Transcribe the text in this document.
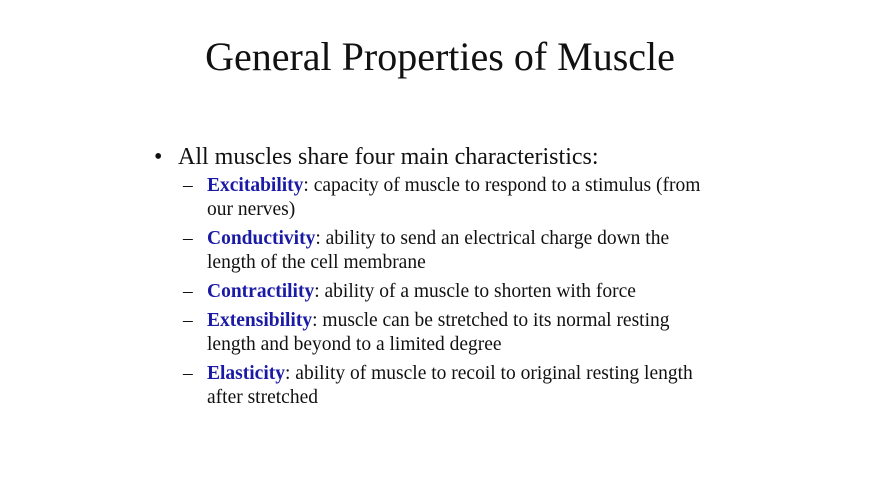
General Properties of Muscle
• All muscles share four main characteristics:
– Excitability: capacity of muscle to respond to a stimulus (from our nerves)
– Conductivity: ability to send an electrical charge down the length of the cell membrane
– Contractility: ability of a muscle to shorten with force
– Extensibility: muscle can be stretched to its normal resting length and beyond to a limited degree
– Elasticity: ability of muscle to recoil to original resting length after stretched
